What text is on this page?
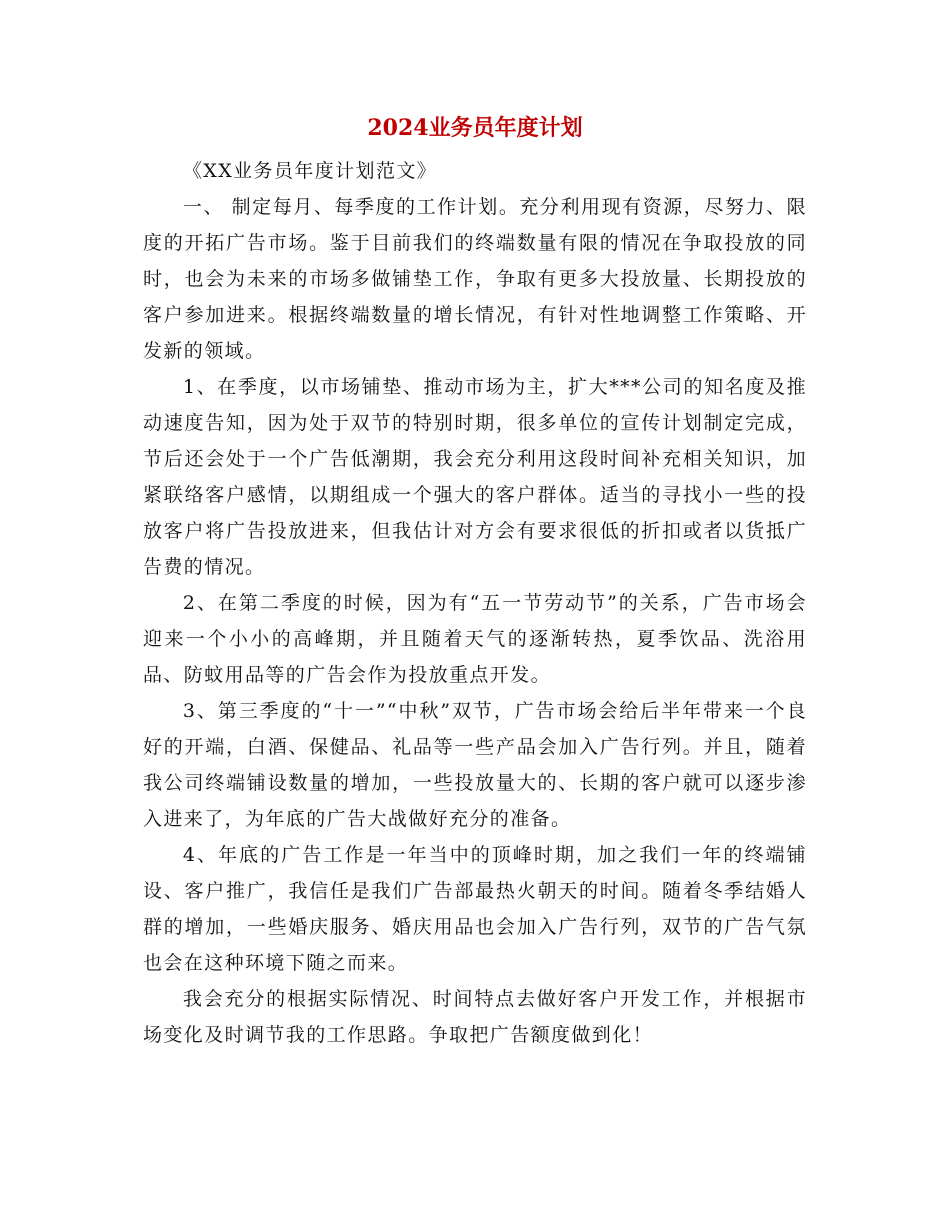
2024业务员年度计划

《XX业务员年度计划范文》

一、 制定每月、每季度的工作计划。充分利用现有资源，尽努力、限度的开拓广告市场。鉴于目前我们的终端数量有限的情况在争取投放的同时，也会为未来的市场多做铺垫工作，争取有更多大投放量、长期投放的客户参加进来。根据终端数量的增长情况，有针对性地调整工作策略、开发新的领域。

1、在季度，以市场铺垫、推动市场为主，扩大***公司的知名度及推动速度告知，因为处于双节的特别时期，很多单位的宣传计划制定完成，节后还会处于一个广告低潮期，我会充分利用这段时间补充相关知识，加紧联络客户感情，以期组成一个强大的客户群体。适当的寻找小一些的投放客户将广告投放进来，但我估计对方会有要求很低的折扣或者以货抵广告费的情况。

2、在第二季度的时候，因为有“五一节劳动节”的关系，广告市场会迎来一个小小的高峰期，并且随着天气的逐渐转热，夏季饮品、洗浴用品、防蚊用品等的广告会作为投放重点开发。

3、第三季度的“十一”“中秋”双节，广告市场会给后半年带来一个良好的开端，白酒、保健品、礼品等一些产品会加入广告行列。并且，随着我公司终端铺设数量的增加，一些投放量大的、长期的客户就可以逐步渗入进来了，为年底的广告大战做好充分的准备。

4、年底的广告工作是一年当中的顶峰时期，加之我们一年的终端铺设、客户推广，我信任是我们广告部最热火朝天的时间。随着冬季结婚人群的增加，一些婚庆服务、婚庆用品也会加入广告行列，双节的广告气氛也会在这种环境下随之而来。

我会充分的根据实际情况、时间特点去做好客户开发工作，并根据市场变化及时调节我的工作思路。争取把广告额度做到化！
